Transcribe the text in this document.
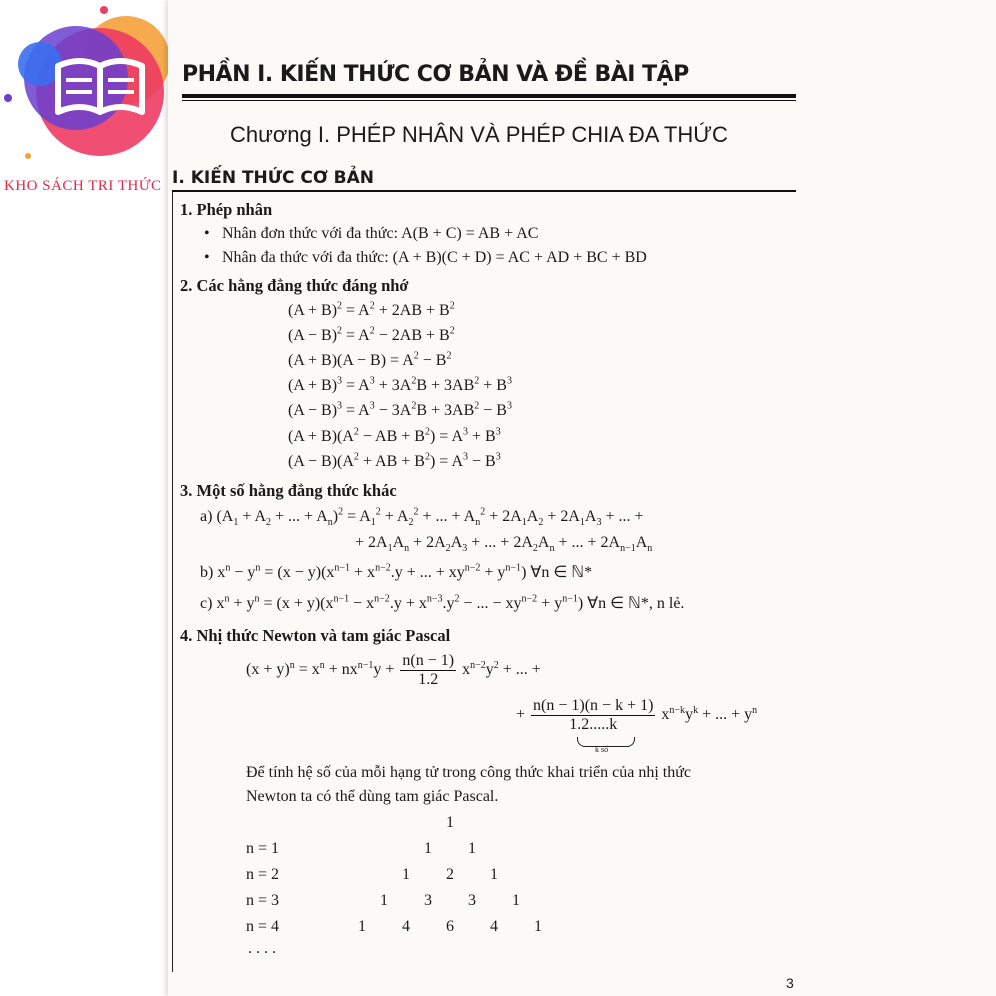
KHO SÁCH TRI THỨC
PHẦN I. KIẾN THỨC CƠ BẢN VÀ ĐỀ BÀI TẬP
Chương I. PHÉP NHÂN VÀ PHÉP CHIA ĐA THỨC
I. KIẾN THỨC CƠ BẢN
1. Phép nhân
• Nhân đơn thức với đa thức: A(B + C) = AB + AC
• Nhân đa thức với đa thức: (A + B)(C + D) = AC + AD + BC + BD
2. Các hằng đẳng thức đáng nhớ
$(A + B)^2 = A^2 + 2AB + B^2$
$(A - B)^2 = A^2 - 2AB + B^2$
$(A + B)(A - B) = A^2 - B^2$
$(A + B)^3 = A^3 + 3A^2B + 3AB^2 + B^3$
$(A - B)^3 = A^3 - 3A^2B + 3AB^2 - B^3$
$(A + B)(A^2$ − AB + $B^2) = A^3 + B^3$
$(A - B)(A^2$ + AB + $B^2) = A^3 - B^3$
3. Một số hằng đẳng thức khác
a) ($A_1 + A_2$ + ... + $A_n)^2 = A_1^2 + A_2^2$ + ... + $A_n^2 + 2A_1A_2 + 2A_1A_3$ + ... +
+ $2A_1A_n + 2A_2A_3$ + ... + $2A_2A_n$ + ... + $2A_{n-1}A_n$
b) $x^n - y^n = (x - y)(x^{n-1} + x^{n-2}.y$ + ... + $xy^{n-2} + y^{n-1}$) ∀n ∈ ℕ*
c) $x^n + y^n = (x + y)(x^{n-1} - x^{n-2}.y + x^{n-3}.y^2$ − ... − $xy^{n-2} + y^{n-1}$) ∀n ∈ ℕ*, n lẻ.
4. Nhị thức Newton và tam giác Pascal
$(x + y)^n = x^n + nx^{n-1}y + \frac{n(n - 1)}{1.2} x^{n-2}y^2$ + ... +
+ $\frac{n(n - 1)(n - k + 1)}{1.2.....k} x^{n-k}y^k$ + ... + $y^n$
k số
Để tính hệ số của mỗi hạng tử trong công thức khai triển của nhị thức
Newton ta có thể dùng tam giác Pascal.
1
n = 1	1 1
n = 2	1 2 1
n = 3	1 3 3 1
n = 4	1 4 6 4 1
. . . .
3
